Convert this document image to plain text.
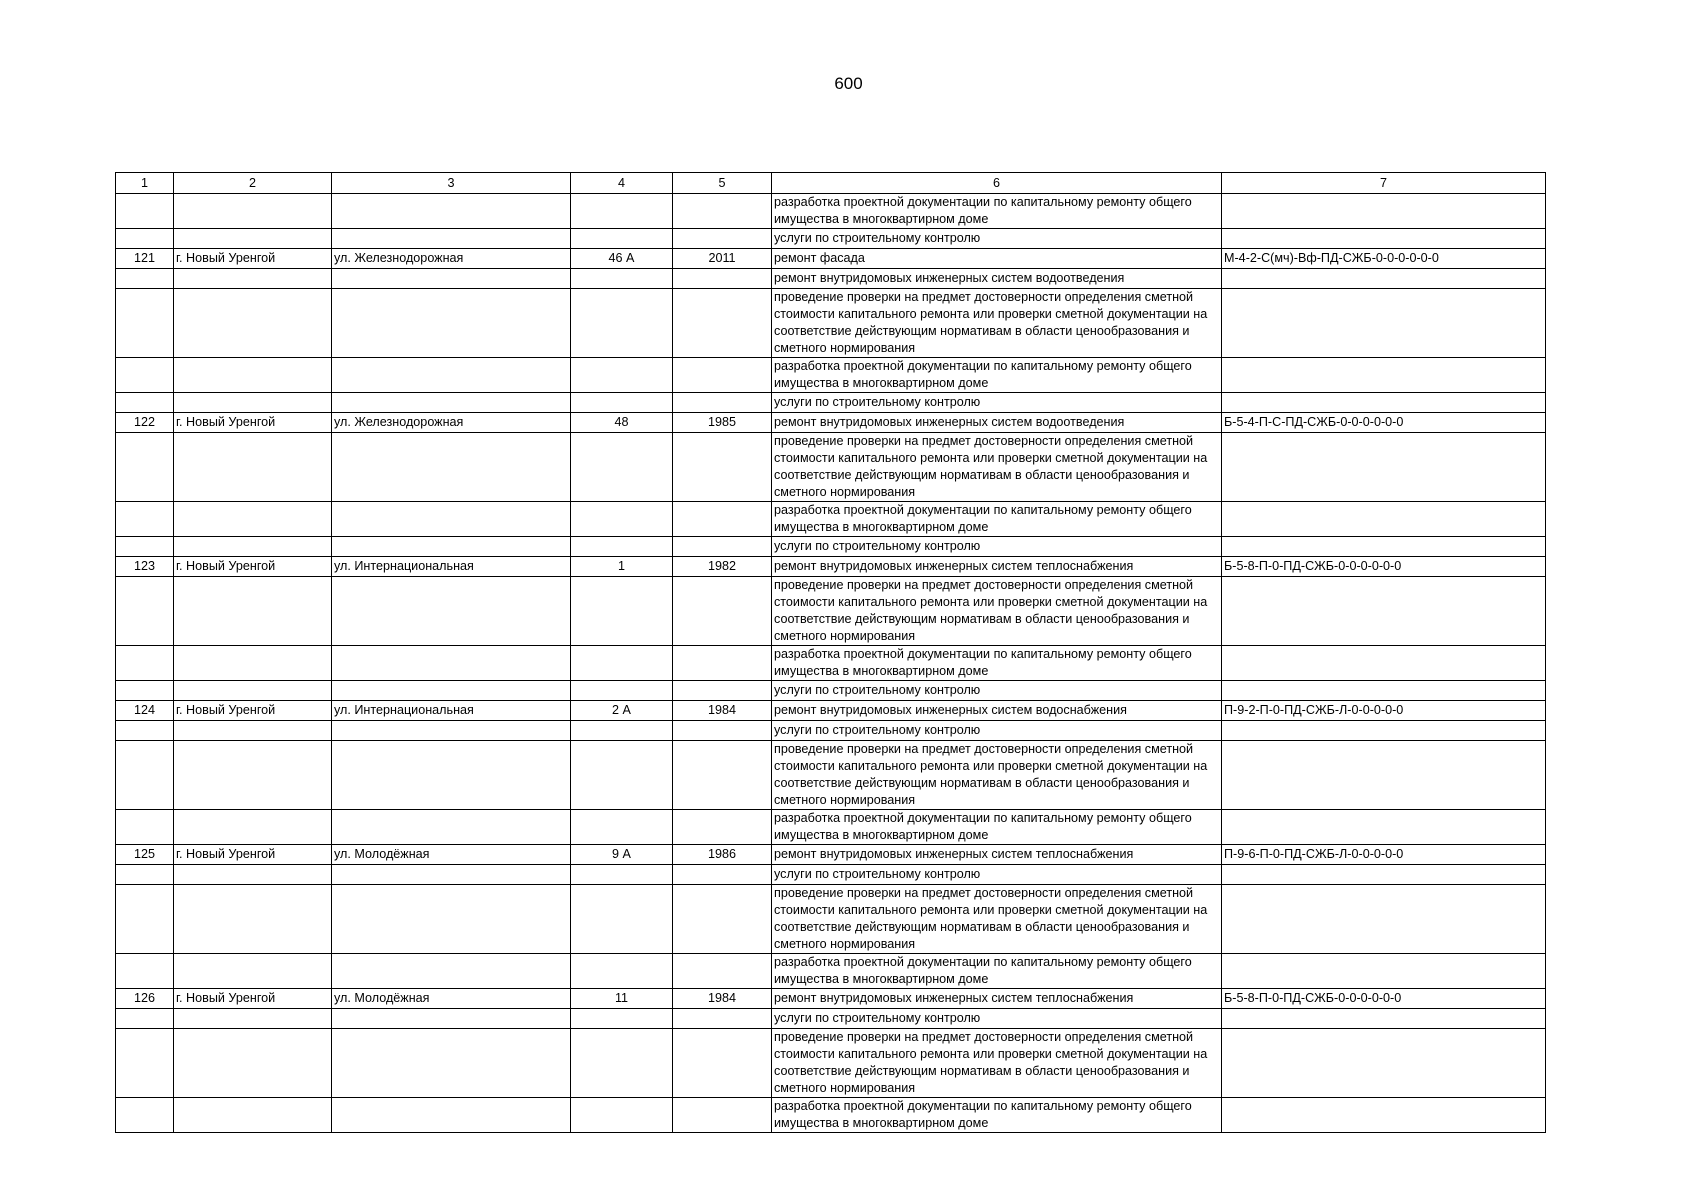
600
1	2	3	4	5	6	7
					разработка проектной документации по капитальному ремонту общего имущества в многоквартирном доме	
					услуги по строительному контролю	
121	г. Новый Уренгой	ул. Железнодорожная	46 А	2011	ремонт фасада	М-4-2-С(мч)-Вф-ПД-СЖБ-0-0-0-0-0-0
					ремонт внутридомовых инженерных систем водоотведения	
					проведение проверки на предмет достоверности определения сметной стоимости капитального ремонта или проверки сметной документации на соответствие действующим нормативам в области ценообразования и сметного нормирования	
					разработка проектной документации по капитальному ремонту общего имущества в многоквартирном доме	
					услуги по строительному контролю	
122	г. Новый Уренгой	ул. Железнодорожная	48	1985	ремонт внутридомовых инженерных систем водоотведения	Б-5-4-П-С-ПД-СЖБ-0-0-0-0-0-0
					проведение проверки на предмет достоверности определения сметной стоимости капитального ремонта или проверки сметной документации на соответствие действующим нормативам в области ценообразования и сметного нормирования	
					разработка проектной документации по капитальному ремонту общего имущества в многоквартирном доме	
					услуги по строительному контролю	
123	г. Новый Уренгой	ул. Интернациональная	1	1982	ремонт внутридомовых инженерных систем теплоснабжения	Б-5-8-П-0-ПД-СЖБ-0-0-0-0-0-0
					проведение проверки на предмет достоверности определения сметной стоимости капитального ремонта или проверки сметной документации на соответствие действующим нормативам в области ценообразования и сметного нормирования	
					разработка проектной документации по капитальному ремонту общего имущества в многоквартирном доме	
					услуги по строительному контролю	
124	г. Новый Уренгой	ул. Интернациональная	2 А	1984	ремонт внутридомовых инженерных систем водоснабжения	П-9-2-П-0-ПД-СЖБ-Л-0-0-0-0-0
					услуги по строительному контролю	
					проведение проверки на предмет достоверности определения сметной стоимости капитального ремонта или проверки сметной документации на соответствие действующим нормативам в области ценообразования и сметного нормирования	
					разработка проектной документации по капитальному ремонту общего имущества в многоквартирном доме	
125	г. Новый Уренгой	ул. Молодёжная	9 А	1986	ремонт внутридомовых инженерных систем теплоснабжения	П-9-6-П-0-ПД-СЖБ-Л-0-0-0-0-0
					услуги по строительному контролю	
					проведение проверки на предмет достоверности определения сметной стоимости капитального ремонта или проверки сметной документации на соответствие действующим нормативам в области ценообразования и сметного нормирования	
					разработка проектной документации по капитальному ремонту общего имущества в многоквартирном доме	
126	г. Новый Уренгой	ул. Молодёжная	11	1984	ремонт внутридомовых инженерных систем теплоснабжения	Б-5-8-П-0-ПД-СЖБ-0-0-0-0-0-0
					услуги по строительному контролю	
					проведение проверки на предмет достоверности определения сметной стоимости капитального ремонта или проверки сметной документации на соответствие действующим нормативам в области ценообразования и сметного нормирования	
					разработка проектной документации по капитальному ремонту общего имущества в многоквартирном доме	
